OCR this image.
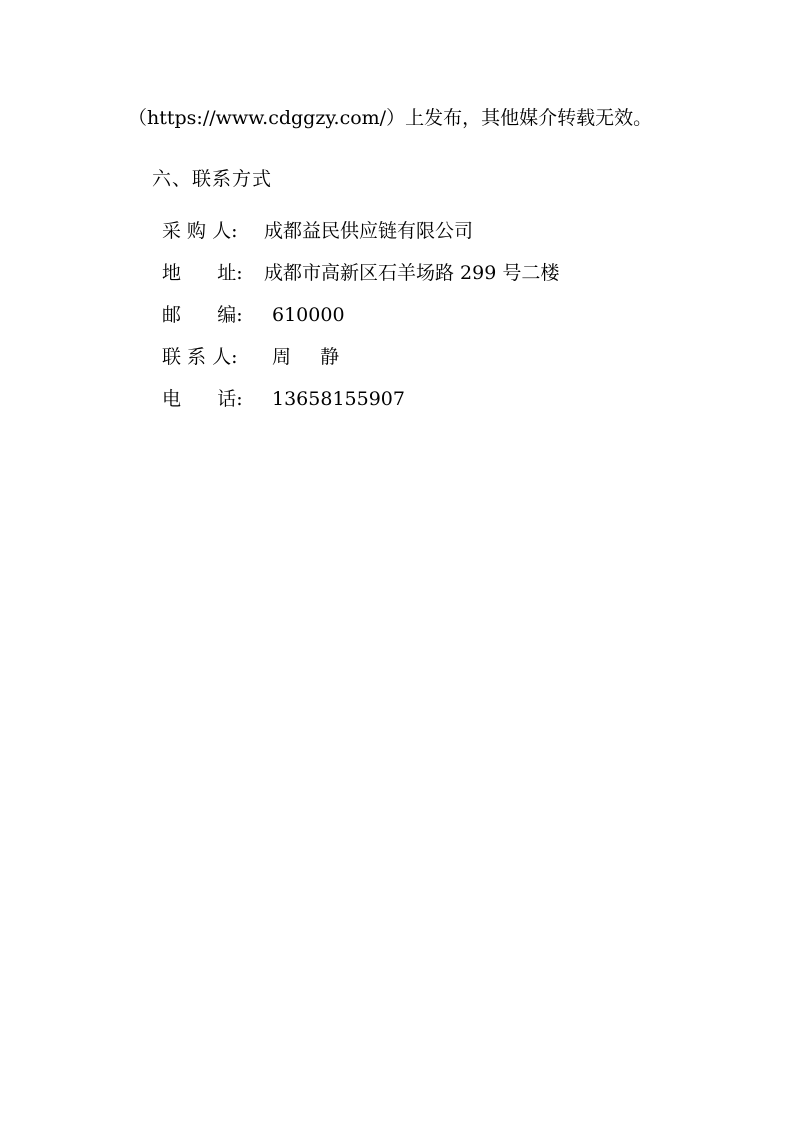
（https://www.cdggzy.com/）上发布，其他媒介转载无效。
六、联系方式
采 购 人: 成都益民供应链有限公司
地      址: 成都市高新区石羊场路 299 号二楼
邮      编: 610000
联 系 人: 周    静
电      话: 13658155907
